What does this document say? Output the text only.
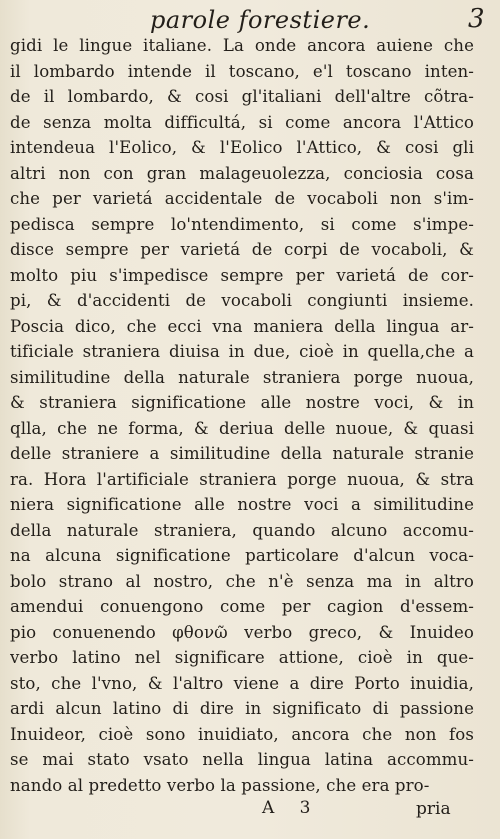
parole forestiere.	3
gidi le lingue italiane. La onde ancora auiene che
il lombardo intende il toscano, e'l toscano inten-
de il lombardo, & cosi gl'italiani dell'altre cõtra-
de senza molta difficultá, si come ancora l'Attico
intendeua l'Eolico, & l'Eolico l'Attico, & cosi gli
altri non con gran malageuolezza, conciosia cosa
che per varietá accidentale de vocaboli non s'im-
pedisca sempre lo'ntendimento, si come s'impe-
disce sempre per varietá de corpi de vocaboli, &
molto piu s'impedisce sempre per varietá de cor-
pi, & d'accidenti de vocaboli congiunti insieme.
Poscia dico, che ecci vna maniera della lingua ar-
tificiale straniera diuisa in due, cioè in quella,che a
similitudine della naturale straniera porge nuoua,
& straniera significatione alle nostre voci, & in
qlla, che ne forma, & deriua delle nuoue, & quasi
delle straniere a similitudine della naturale stranie
ra. Hora l'artificiale straniera porge nuoua, & stra
niera significatione alle nostre voci a similitudine
della naturale straniera, quando alcuno accomu-
na alcuna significatione particolare d'alcun voca-
bolo strano al nostro, che n'è senza ma in altro
amendui conuengono come per cagion d'essem-
pio conuenendo φθονῶ verbo greco, & Inuideo
verbo latino nel significare attione, cioè in que-
sto, che l'vno, & l'altro viene a dire Porto inuidia,
ardi alcun latino di dire in significato di passione
Inuideor, cioè sono inuidiato, ancora che non fos
se mai stato vsato nella lingua latina accommu-
nando al predetto verbo la passione, che era pro-
A 3	pria
